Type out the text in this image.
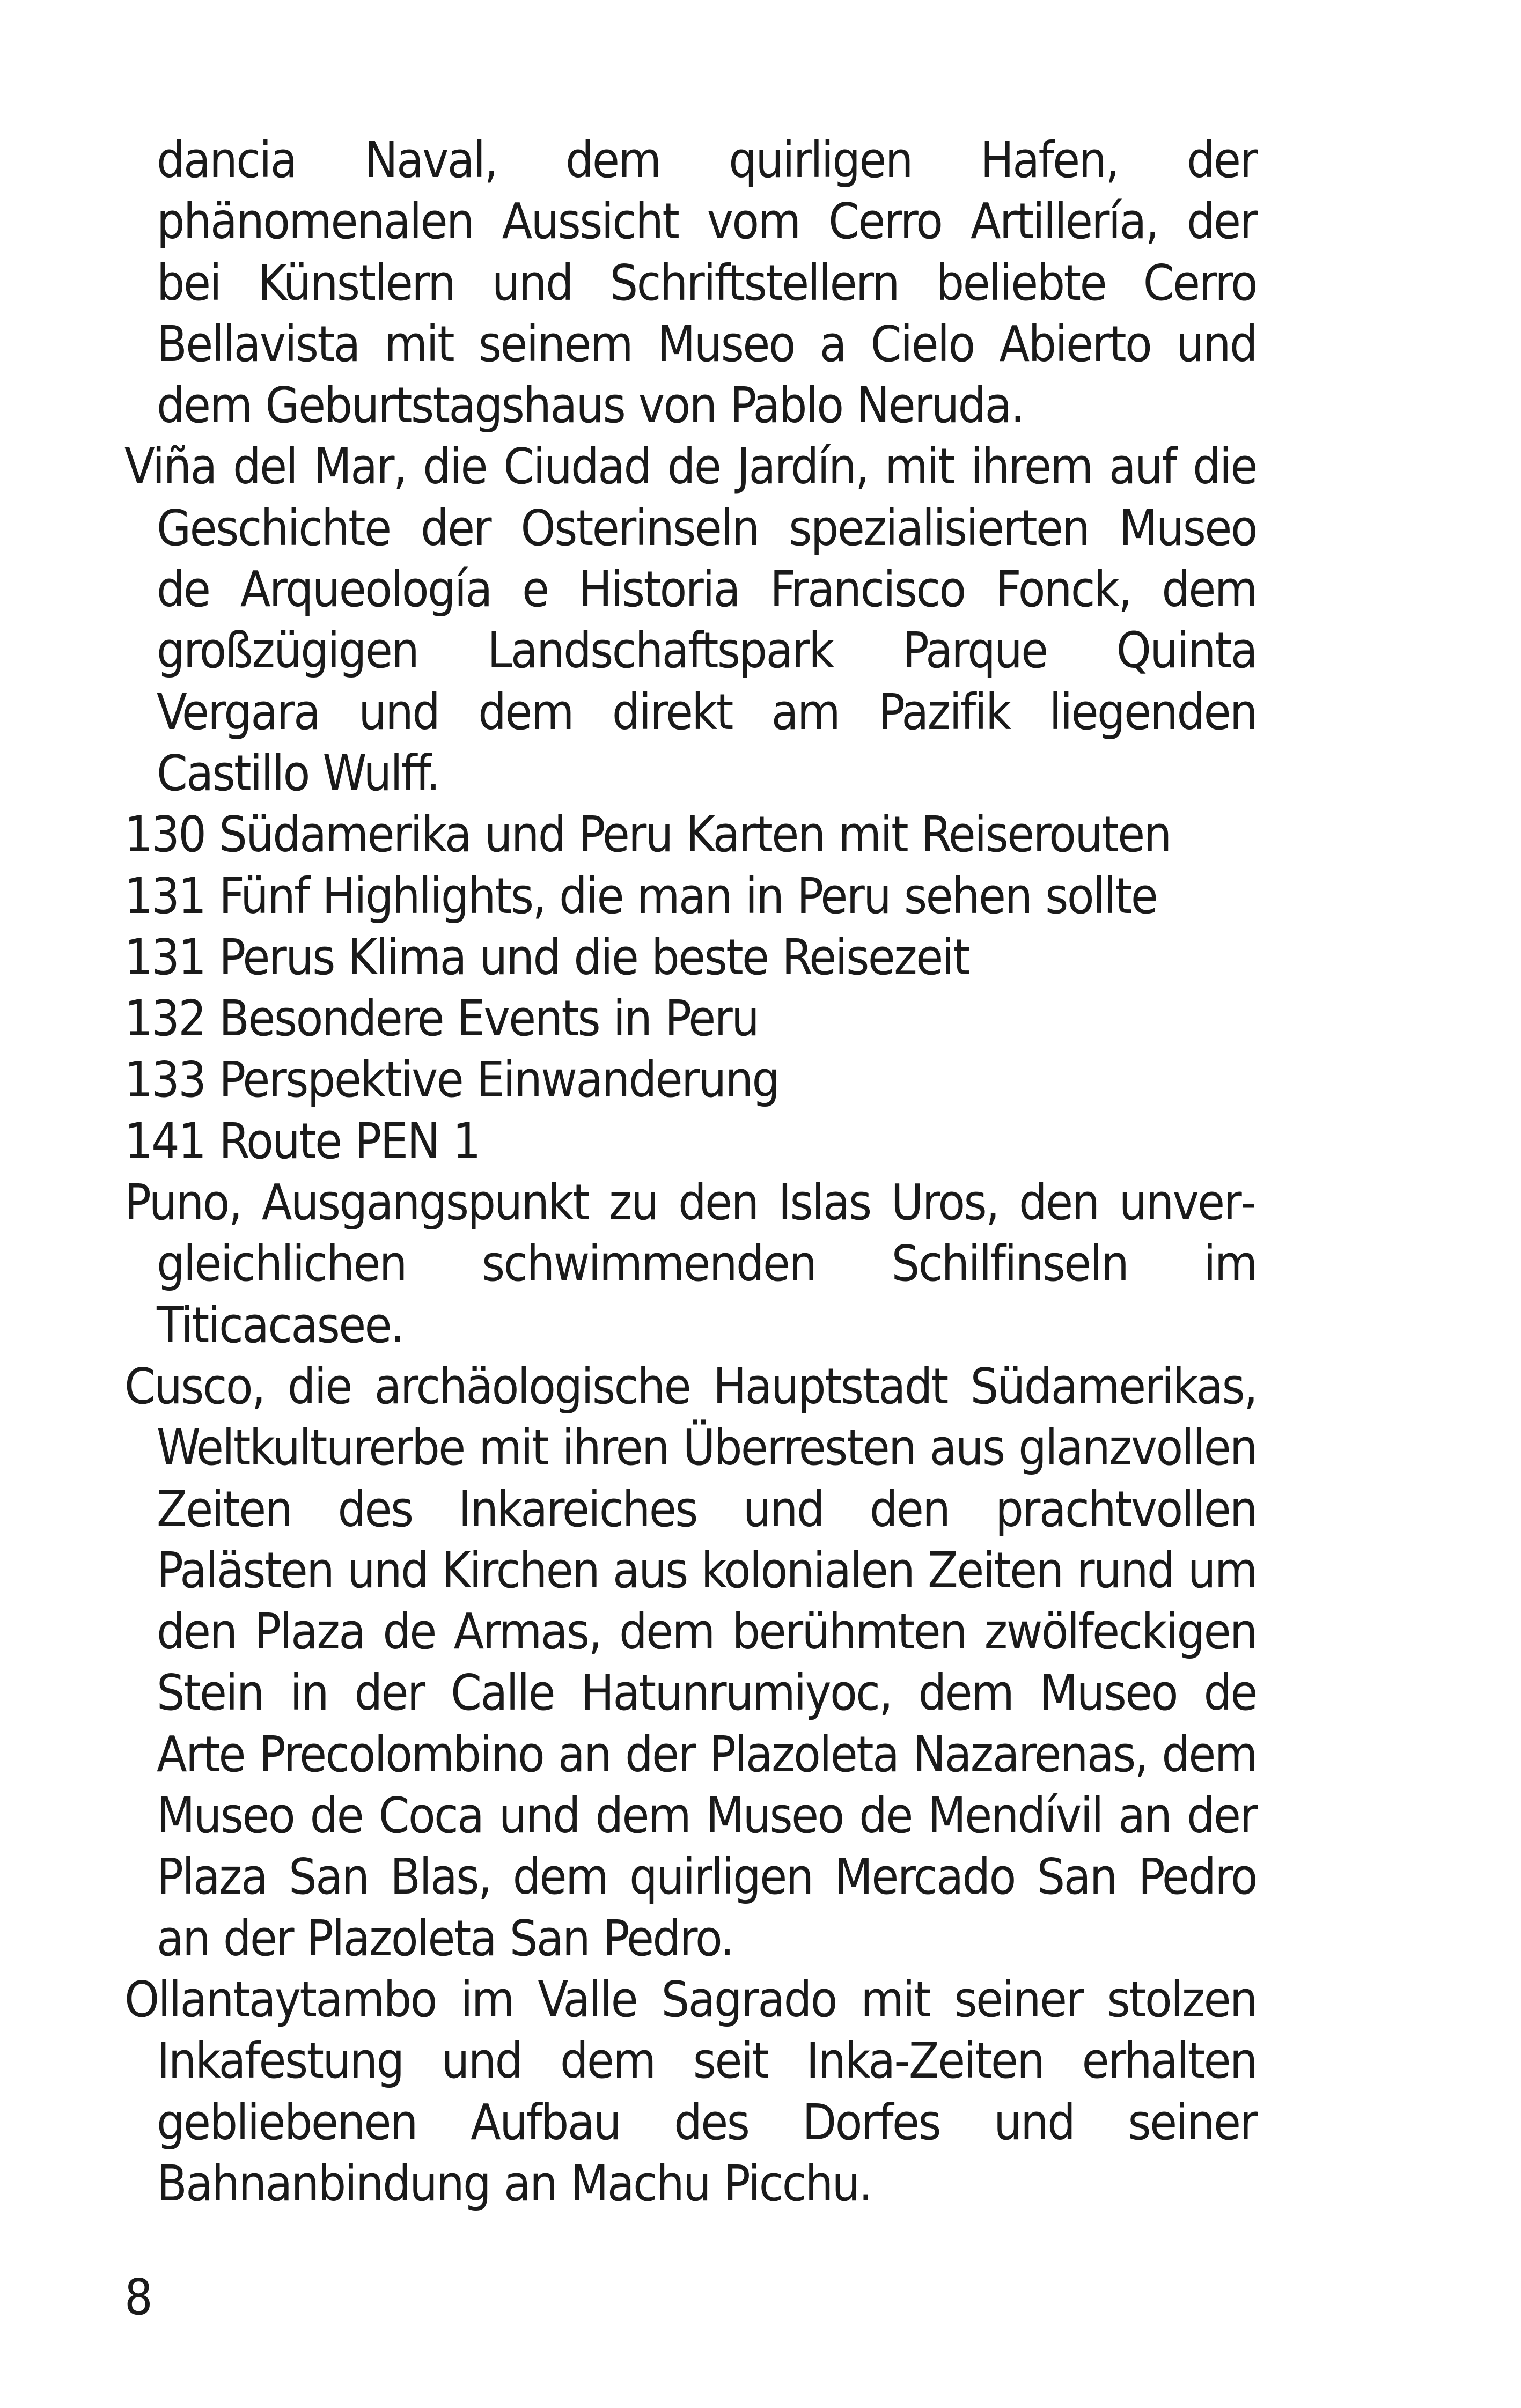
dancia Naval, dem quirligen Hafen, der phänomenalen Aussicht vom Cerro Artillería, der bei Künstlern und Schriftstellern beliebte Cerro Bellavista mit seinem Museo a Cielo Abierto und dem Geburtstagshaus von Pablo Neruda.

Viña del Mar, die Ciudad de Jardín, mit ihrem auf die Geschichte der Osterinseln spezialisierten Museo de Arqueología e Historia Francisco Fonck, dem großzügigen Landschaftspark Parque Quinta Vergara und dem direkt am Pazifik liegenden Castillo Wulff.

130 Südamerika und Peru Karten mit Reiserouten

131 Fünf Highlights, die man in Peru sehen sollte

131 Perus Klima und die beste Reisezeit

132 Besondere Events in Peru

133 Perspektive Einwanderung

141 Route PEN 1

Puno, Ausgangspunkt zu den Islas Uros, den unvergleichlichen schwimmenden Schilfinseln im Titicacasee.

Cusco, die archäologische Hauptstadt Südamerikas, Weltkulturerbe mit ihren Überresten aus glanzvollen Zeiten des Inkareiches und den prachtvollen Palästen und Kirchen aus kolonialen Zeiten rund um den Plaza de Armas, dem berühmten zwölfeckigen Stein in der Calle Hatunrumiyoc, dem Museo de Arte Precolombino an der Plazoleta Nazarenas, dem Museo de Coca und dem Museo de Mendívil an der Plaza San Blas, dem quirligen Mercado San Pedro an der Plazoleta San Pedro.

Ollantaytambo im Valle Sagrado mit seiner stolzen Inkafestung und dem seit Inka-Zeiten erhalten gebliebenen Aufbau des Dorfes und seiner Bahnanbindung an Machu Picchu.

8
